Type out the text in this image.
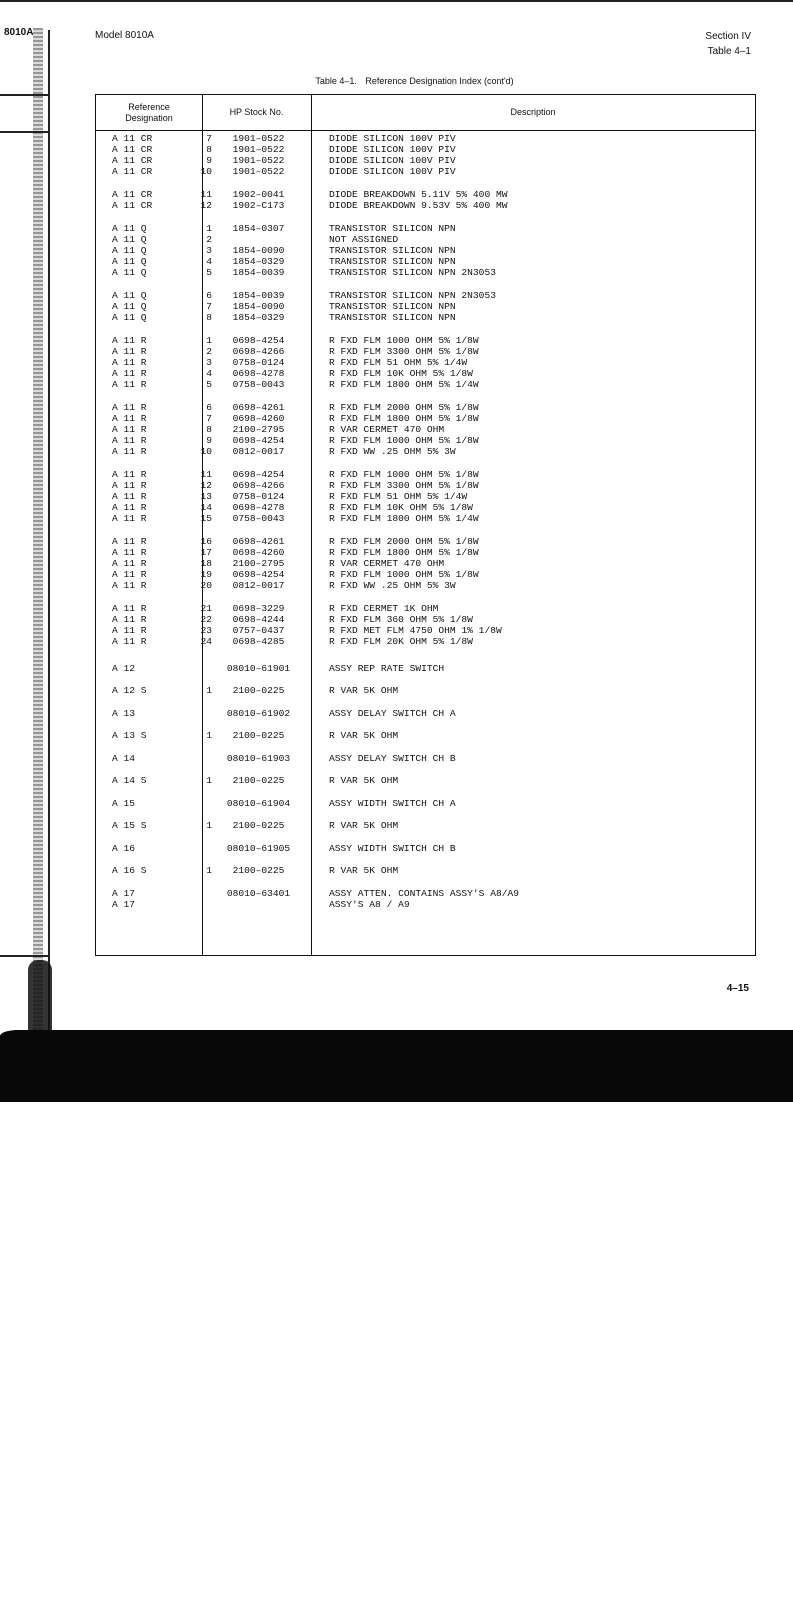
8010A	Model 8010A	Section IV
Table 4–1
Table 4–1. Reference Designation Index (cont'd)
Reference Designation
HP Stock No.	Description
A 11 CR	7	1901–0522	DIODE SILICON 100V PIV
A 11 CR	8	1901–0522	DIODE SILICON 100V PIV
A 11 CR	9	1901–0522	DIODE SILICON 100V PIV
A 11 CR	10	1901–0522	DIODE SILICON 100V PIV
A 11 CR	11	1902–0041	DIODE BREAKDOWN 5.11V 5% 400 MW
A 11 CR	12	1902–C173	DIODE BREAKDOWN 9.53V 5% 400 MW
A 11 Q	1	1854–0307	TRANSISTOR SILICON NPN
A 11 Q	2	NOT ASSIGNED
A 11 Q	3	1854–0090	TRANSISTOR SILICON NPN
A 11 Q	4	1854–0329	TRANSISTOR SILICON NPN
A 11 Q	5	1854–0039	TRANSISTOR SILICON NPN 2N3053
A 11 Q	6	1854–0039	TRANSISTOR SILICON NPN 2N3053
A 11 Q	7	1854–0090	TRANSISTOR SILICON NPN
A 11 Q	8	1854–0329	TRANSISTOR SILICON NPN
A 11 R	1	0698–4254	R FXD FLM 1000 OHM 5% 1/8W
A 11 R	2	0698–4266	R FXD FLM 3300 OHM 5% 1/8W
A 11 R	3	0758–0124	R FXD FLM 51 OHM 5% 1/4W
A 11 R	4	0698–4278	R FXD FLM 10K OHM 5% 1/8W
A 11 R	5	0758–0043	R FXD FLM 1800 OHM 5% 1/4W
A 11 R	6	0698–4261	R FXD FLM 2000 OHM 5% 1/8W
A 11 R	7	0698–4260	R FXD FLM 1800 OHM 5% 1/8W
A 11 R	8	2100–2795	R VAR CERMET 470 OHM
A 11 R	9	0698–4254	R FXD FLM 1000 OHM 5% 1/8W
A 11 R	10	0812–0017	R FXD WW .25 OHM 5% 3W
A 11 R	11	0698–4254	R FXD FLM 1000 OHM 5% 1/8W
A 11 R	12	0698–4266	R FXD FLM 3300 OHM 5% 1/8W
A 11 R	13	0758–0124	R FXD FLM 51 OHM 5% 1/4W
A 11 R	14	0698–4278	R FXD FLM 10K OHM 5% 1/8W
A 11 R	15	0758–0043	R FXD FLM 1800 OHM 5% 1/4W
A 11 R	16	0698–4261	R FXD FLM 2000 OHM 5% 1/8W
A 11 R	17	0698–4260	R FXD FLM 1800 OHM 5% 1/8W
A 11 R	18	2100–2795	R VAR CERMET 470 OHM
A 11 R	19	0698–4254	R FXD FLM 1000 OHM 5% 1/8W
A 11 R	20	0812–0017	R FXD WW .25 OHM 5% 3W
A 11 R	21	0698–3229	R FXD CERMET 1K OHM
A 11 R	22	0698–4244	R FXD FLM 360 OHM 5% 1/8W
A 11 R	23	0757–0437	R FXD MET FLM 4750 OHM 1% 1/8W
A 11 R	24	0698–4285	R FXD FLM 20K OHM 5% 1/8W
A 12	08010–61901	ASSY REP RATE SWITCH
A 12 S	1	2100–0225	R VAR 5K OHM
A 13	08010–61902	ASSY DELAY SWITCH CH A
A 13 S	1	2100–0225	R VAR 5K OHM
A 14	08010–61903	ASSY DELAY SWITCH CH B
A 14 S	1	2100–0225	R VAR 5K OHM
A 15	08010–61904	ASSY WIDTH SWITCH CH A
A 15 S	1	2100–0225	R VAR 5K OHM
A 16	08010–61905	ASSY WIDTH SWITCH CH B
A 16 S	1	2100–0225	R VAR 5K OHM
A 17	08010–63401	ASSY ATTEN. CONTAINS ASSY'S A8/A9
A 17	ASSY'S A8 / A9
4–15
